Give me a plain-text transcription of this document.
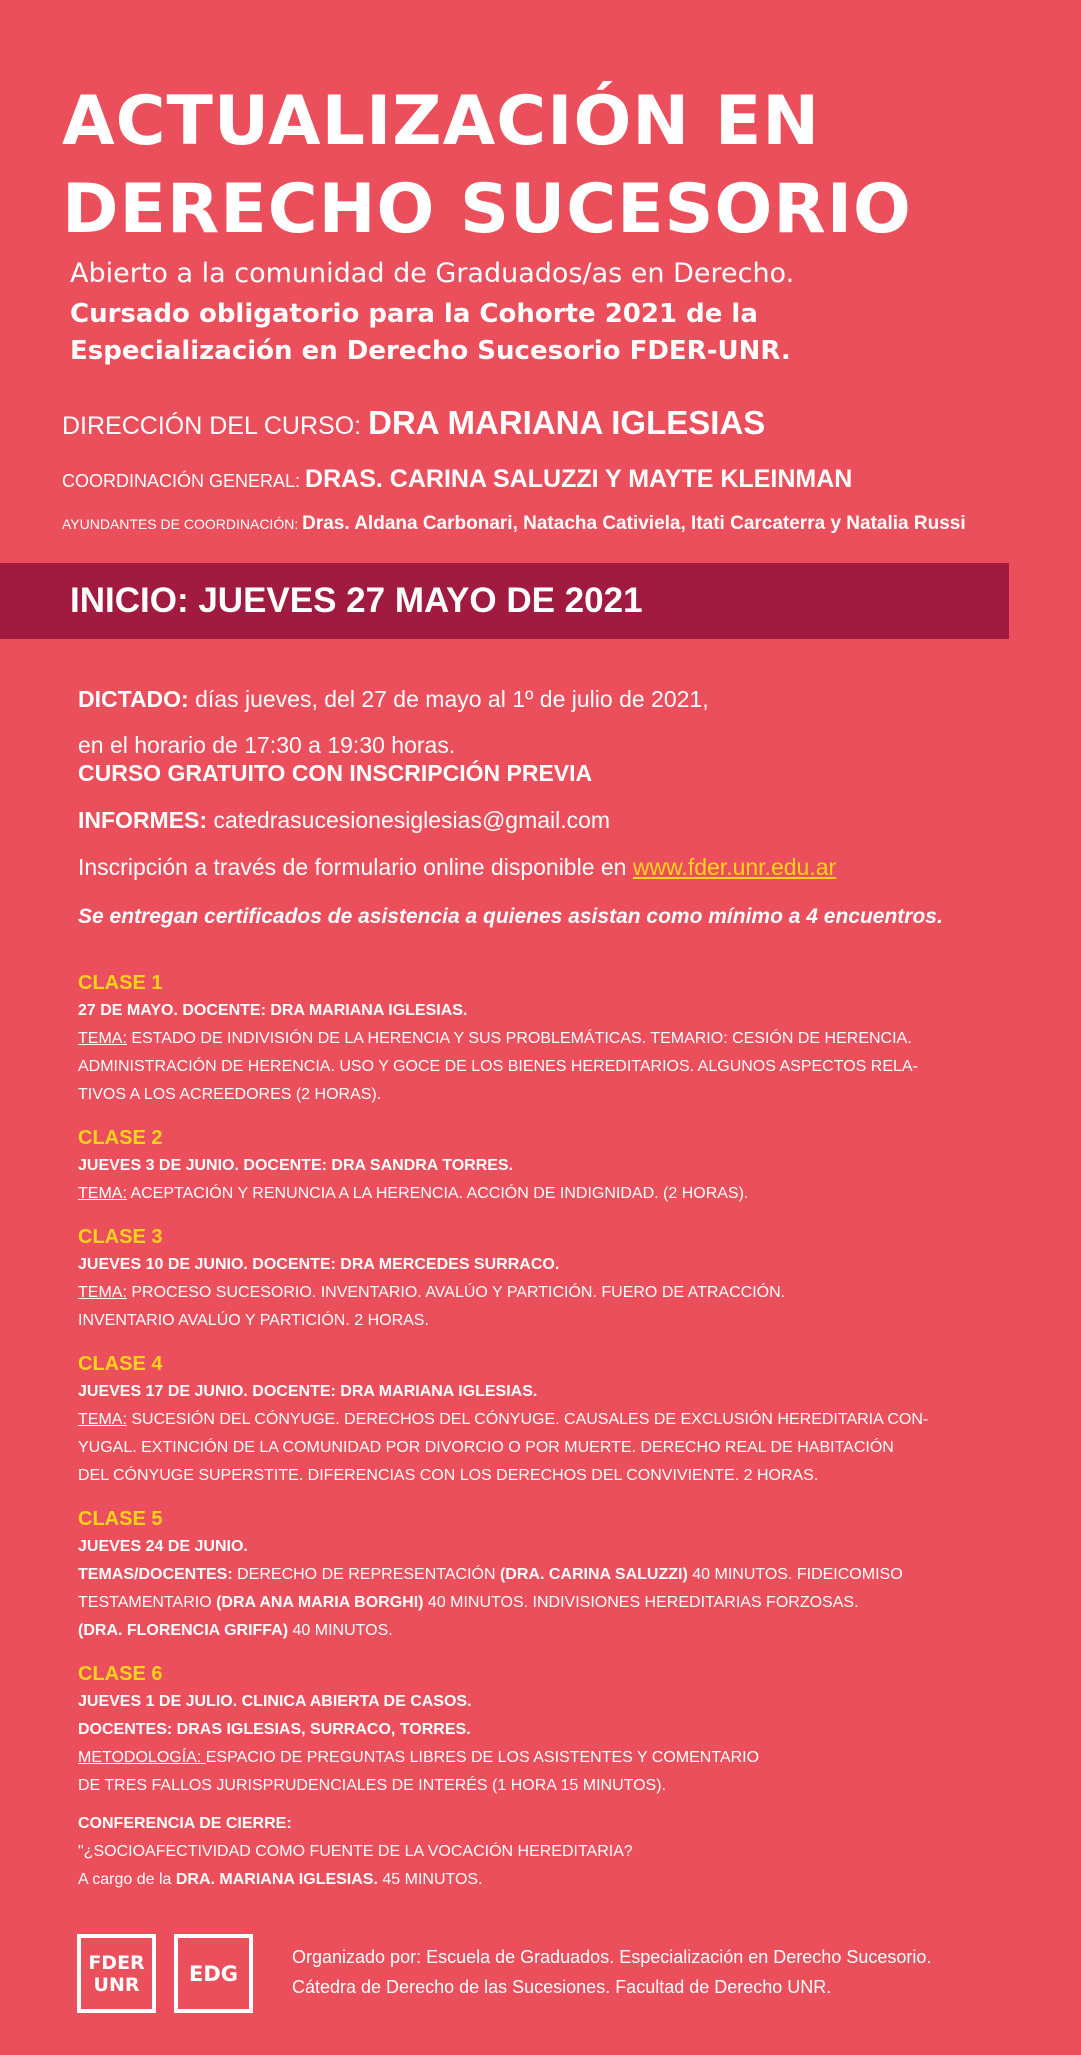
ACTUALIZACIÓN EN
DERECHO SUCESORIO
Abierto a la comunidad de Graduados/as en Derecho.
Cursado obligatorio para la Cohorte 2021 de la
Especialización en Derecho Sucesorio FDER-UNR.
DIRECCIÓN DEL CURSO: DRA MARIANA IGLESIAS
COORDINACIÓN GENERAL: DRAS. CARINA SALUZZI Y MAYTE KLEINMAN
AYUNDANTES DE COORDINACIÓN: Dras. Aldana Carbonari, Natacha Cativiela, Itati Carcaterra y Natalia Russi
INICIO: JUEVES 27 MAYO DE 2021
DICTADO: días jueves, del 27 de mayo al 1º de julio de 2021,
en el horario de 17:30 a 19:30 horas.
CURSO GRATUITO CON INSCRIPCIÓN PREVIA
INFORMES: catedrasucesionesiglesias@gmail.com
Inscripción a través de formulario online disponible en www.fder.unr.edu.ar
Se entregan certificados de asistencia a quienes asistan como mínimo a 4 encuentros.
CLASE 1
27 DE MAYO. DOCENTE: DRA MARIANA IGLESIAS.
TEMA: ESTADO DE INDIVISIÓN DE LA HERENCIA Y SUS PROBLEMÁTICAS. TEMARIO: CESIÓN DE HERENCIA.
ADMINISTRACIÓN DE HERENCIA. USO Y GOCE DE LOS BIENES HEREDITARIOS. ALGUNOS ASPECTOS RELA-
TIVOS A LOS ACREEDORES (2 HORAS).
CLASE 2
JUEVES 3 DE JUNIO. DOCENTE: DRA SANDRA TORRES.
TEMA: ACEPTACIÓN Y RENUNCIA A LA HERENCIA. ACCIÓN DE INDIGNIDAD. (2 HORAS).
CLASE 3
JUEVES 10 DE JUNIO. DOCENTE: DRA MERCEDES SURRACO.
TEMA: PROCESO SUCESORIO. INVENTARIO. AVALÚO Y PARTICIÓN. FUERO DE ATRACCIÓN.
INVENTARIO AVALÚO Y PARTICIÓN. 2 HORAS.
CLASE 4
JUEVES 17 DE JUNIO. DOCENTE: DRA MARIANA IGLESIAS.
TEMA: SUCESIÓN DEL CÓNYUGE. DERECHOS DEL CÓNYUGE. CAUSALES DE EXCLUSIÓN HEREDITARIA CON-
YUGAL. EXTINCIÓN DE LA COMUNIDAD POR DIVORCIO O POR MUERTE. DERECHO REAL DE HABITACIÓN
DEL CÓNYUGE SUPERSTITE. DIFERENCIAS CON LOS DERECHOS DEL CONVIVIENTE. 2 HORAS.
CLASE 5
JUEVES 24 DE JUNIO.
TEMAS/DOCENTES: DERECHO DE REPRESENTACIÓN (DRA. CARINA SALUZZI) 40 MINUTOS. FIDEICOMISO
TESTAMENTARIO (DRA ANA MARIA BORGHI) 40 MINUTOS. INDIVISIONES HEREDITARIAS FORZOSAS.
(DRA. FLORENCIA GRIFFA) 40 MINUTOS.
CLASE 6
JUEVES 1 DE JULIO. CLINICA ABIERTA DE CASOS.
DOCENTES: DRAS IGLESIAS, SURRACO, TORRES.
METODOLOGÍA: ESPACIO DE PREGUNTAS LIBRES DE LOS ASISTENTES Y COMENTARIO
DE TRES FALLOS JURISPRUDENCIALES DE INTERÉS (1 HORA 15 MINUTOS).
CONFERENCIA DE CIERRE:
"¿SOCIOAFECTIVIDAD COMO FUENTE DE LA VOCACIÓN HEREDITARIA?
A cargo de la DRA. MARIANA IGLESIAS. 45 MINUTOS.
FDER
UNR EDG
Organizado por: Escuela de Graduados. Especialización en Derecho Sucesorio.
Cátedra de Derecho de las Sucesiones. Facultad de Derecho UNR.
